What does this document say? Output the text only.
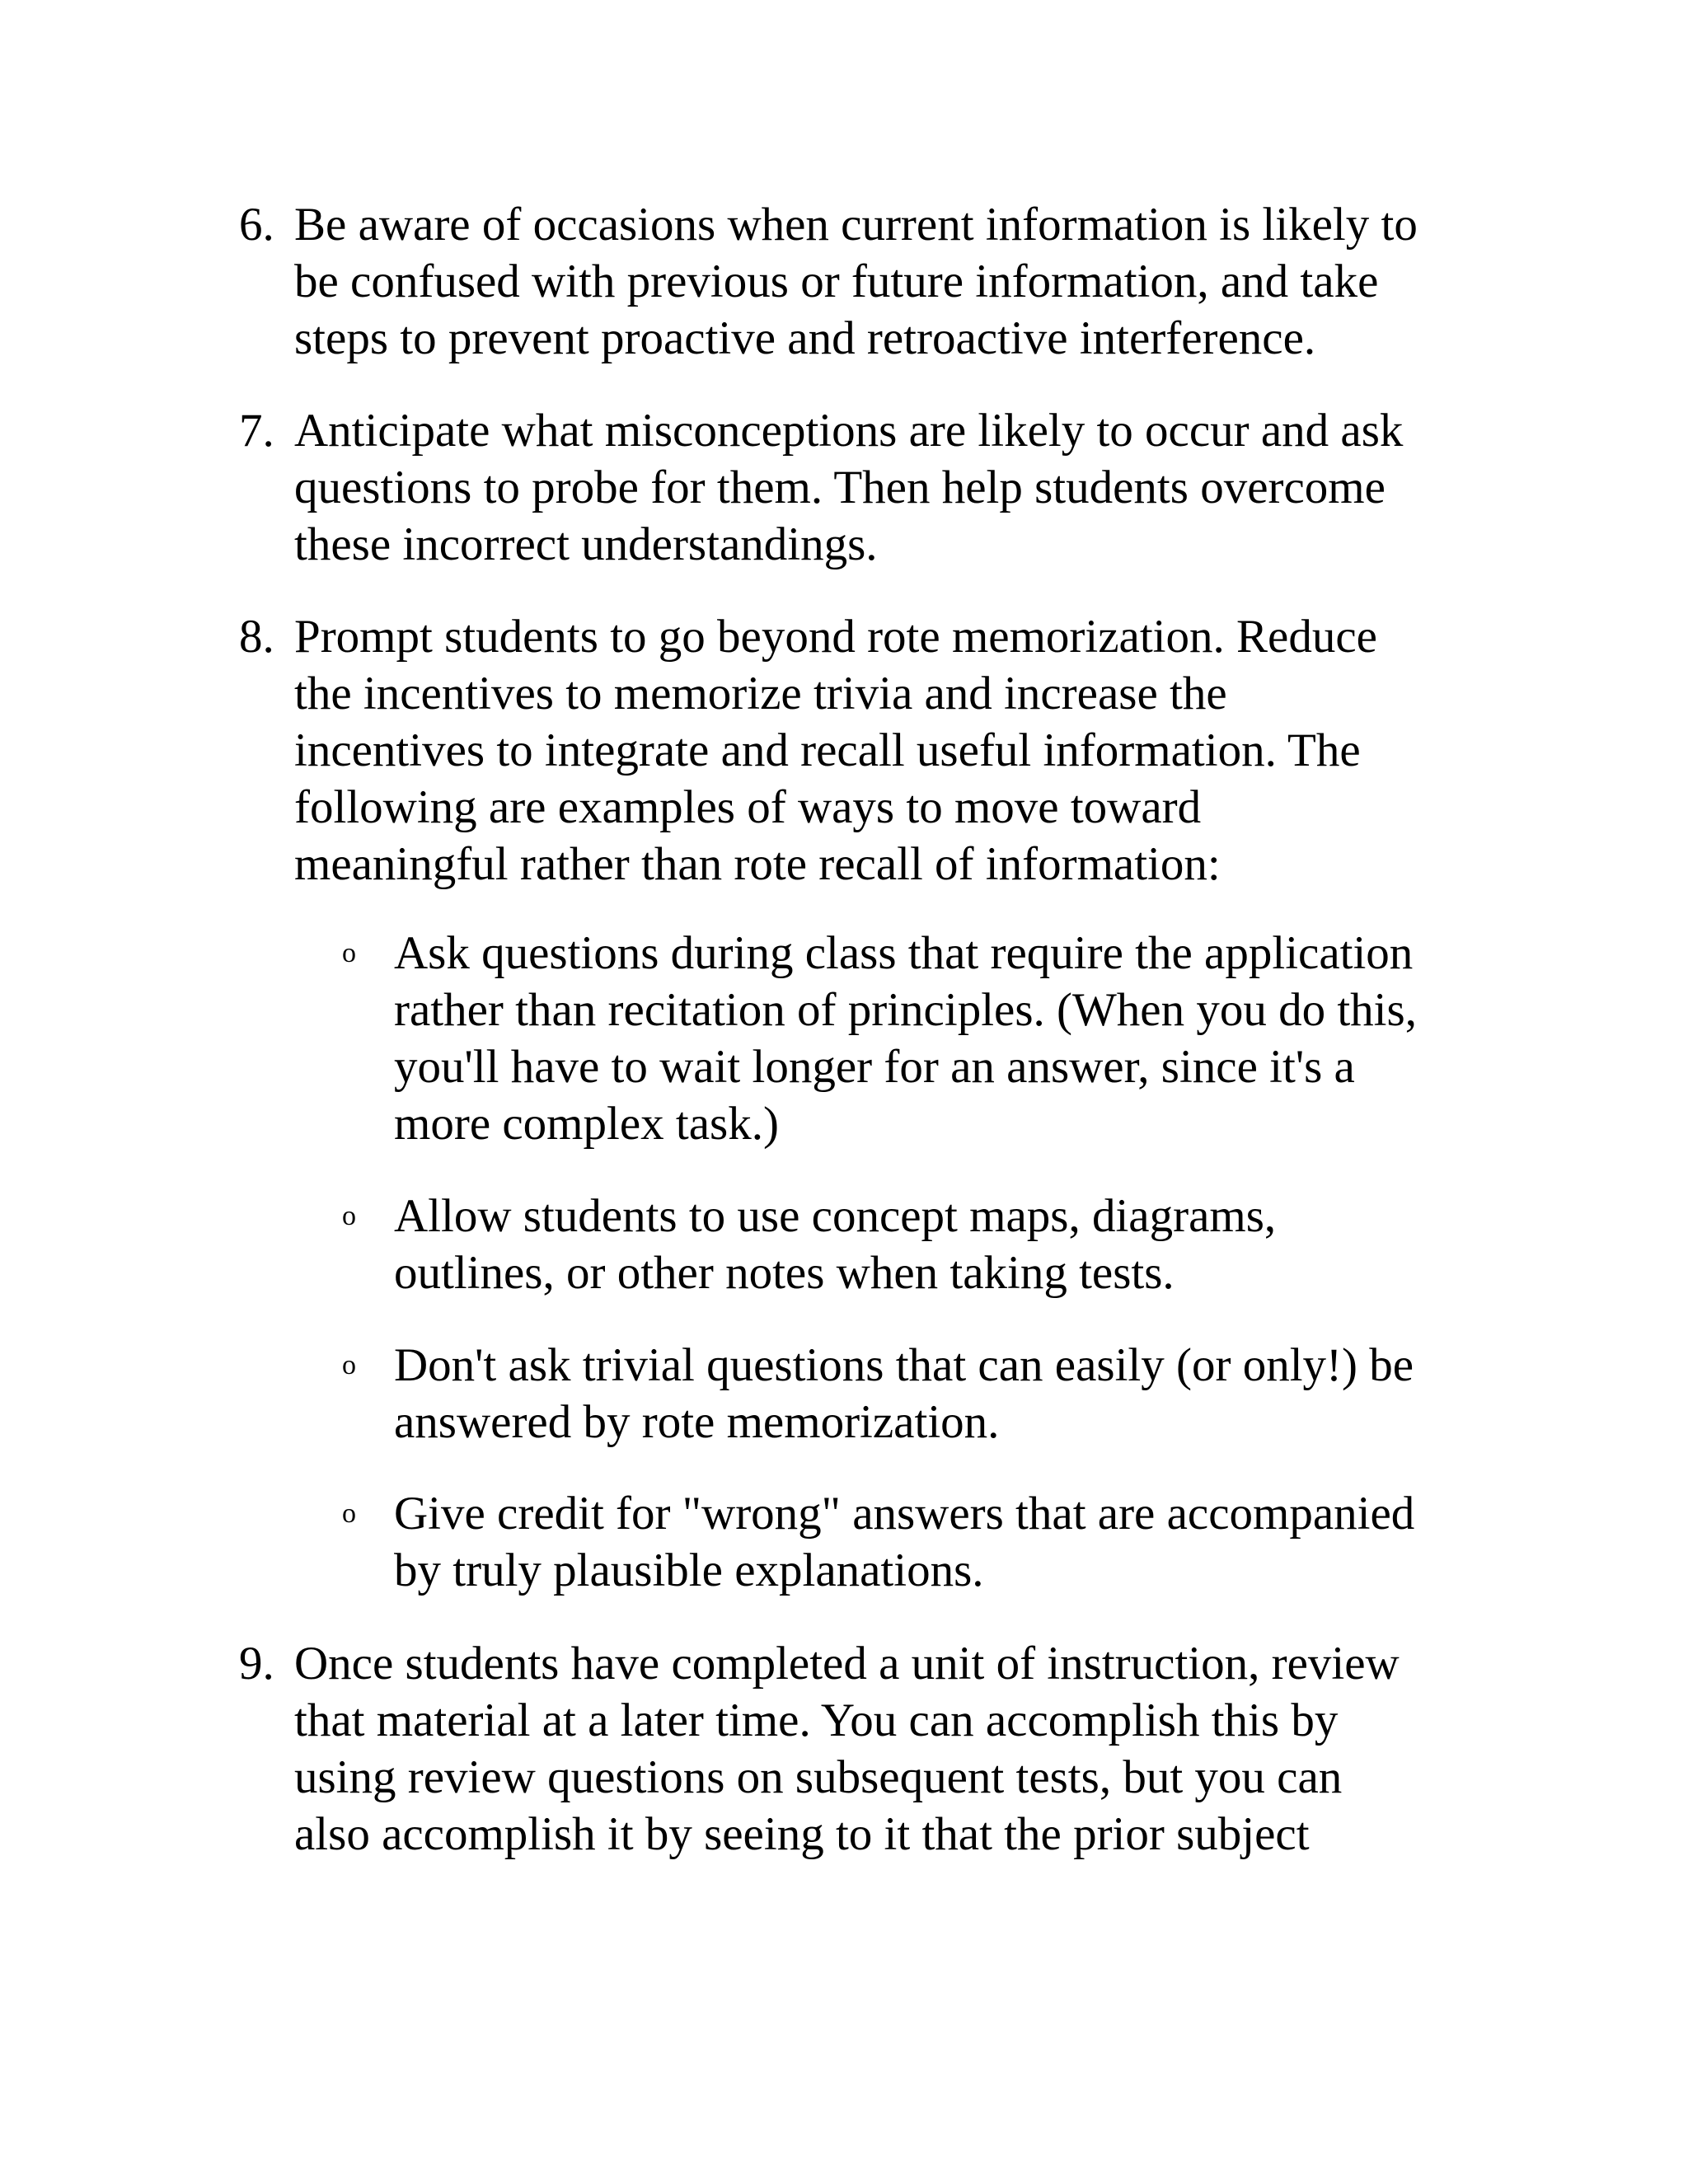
6. Be aware of occasions when current information is likely to
be confused with previous or future information, and take
steps to prevent proactive and retroactive interference.
7. Anticipate what misconceptions are likely to occur and ask
questions to probe for them. Then help students overcome
these incorrect understandings.
8. Prompt students to go beyond rote memorization. Reduce
the incentives to memorize trivia and increase the
incentives to integrate and recall useful information. The
following are examples of ways to move toward
meaningful rather than rote recall of information:
o Ask questions during class that require the application
rather than recitation of principles. (When you do this,
you'll have to wait longer for an answer, since it's a
more complex task.)
o Allow students to use concept maps, diagrams,
outlines, or other notes when taking tests.
o Don't ask trivial questions that can easily (or only!) be
answered by rote memorization.
o Give credit for "wrong" answers that are accompanied
by truly plausible explanations.
9. Once students have completed a unit of instruction, review
that material at a later time. You can accomplish this by
using review questions on subsequent tests, but you can
also accomplish it by seeing to it that the prior subject
